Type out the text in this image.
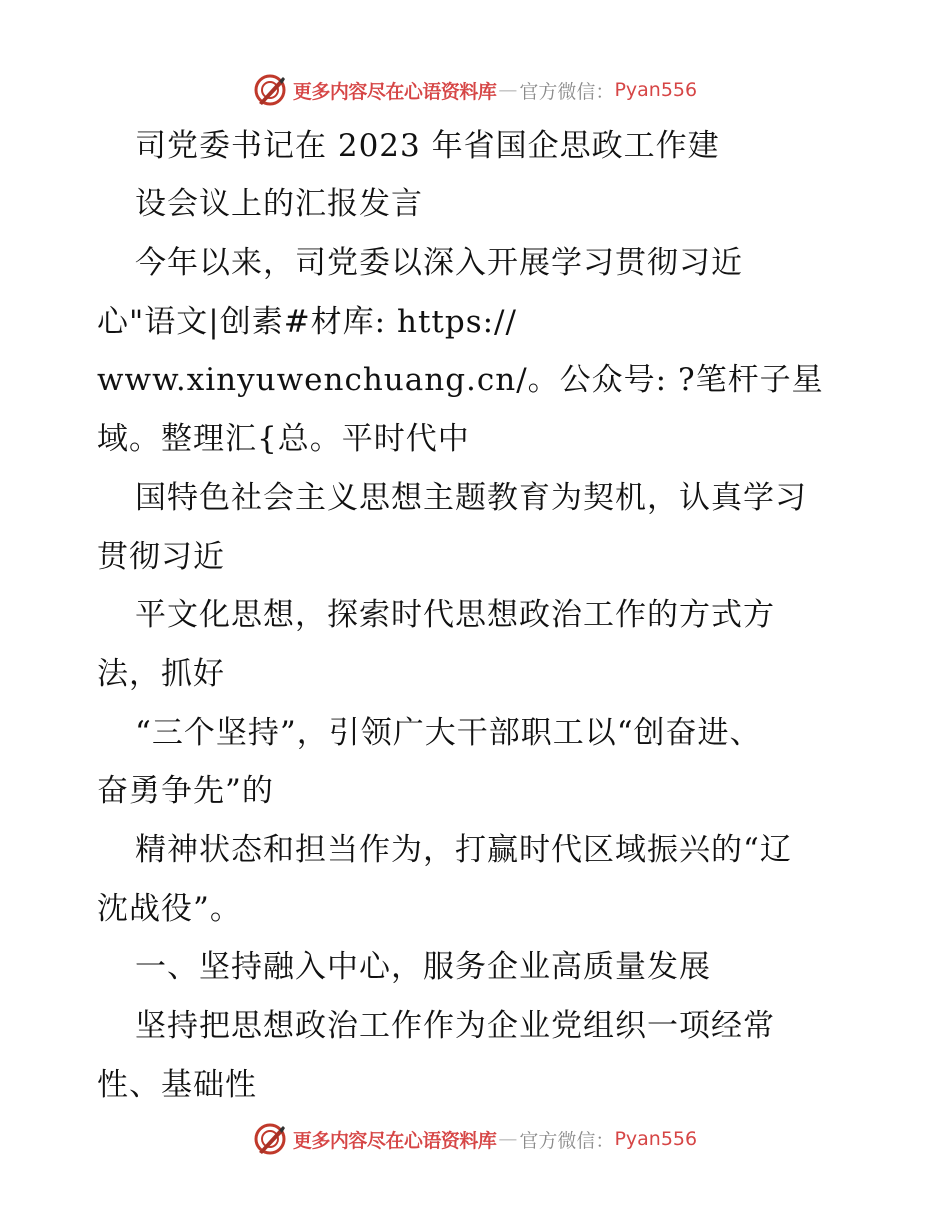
更多内容尽在心语资料库 — 官方微信： Pyan556
司党委书记在 2023 年省国企思政工作建
设会议上的汇报发言
今年以来，司党委以深入开展学习贯彻习近
心"语文|创素#材库: https://
www.xinyuwenchuang.cn/。公众号: ?笔杆子星
域。整理汇{总。平时代中
国特色社会主义思想主题教育为契机，认真学习
贯彻习近
平文化思想，探索时代思想政治工作的方式方
法，抓好
“三个坚持”，引领广大干部职工以“创奋进、
奋勇争先”的
精神状态和担当作为，打赢时代区域振兴的“辽
沈战役”。
一、坚持融入中心，服务企业高质量发展
坚持把思想政治工作作为企业党组织一项经常
性、基础性
更多内容尽在心语资料库 — 官方微信： Pyan556
